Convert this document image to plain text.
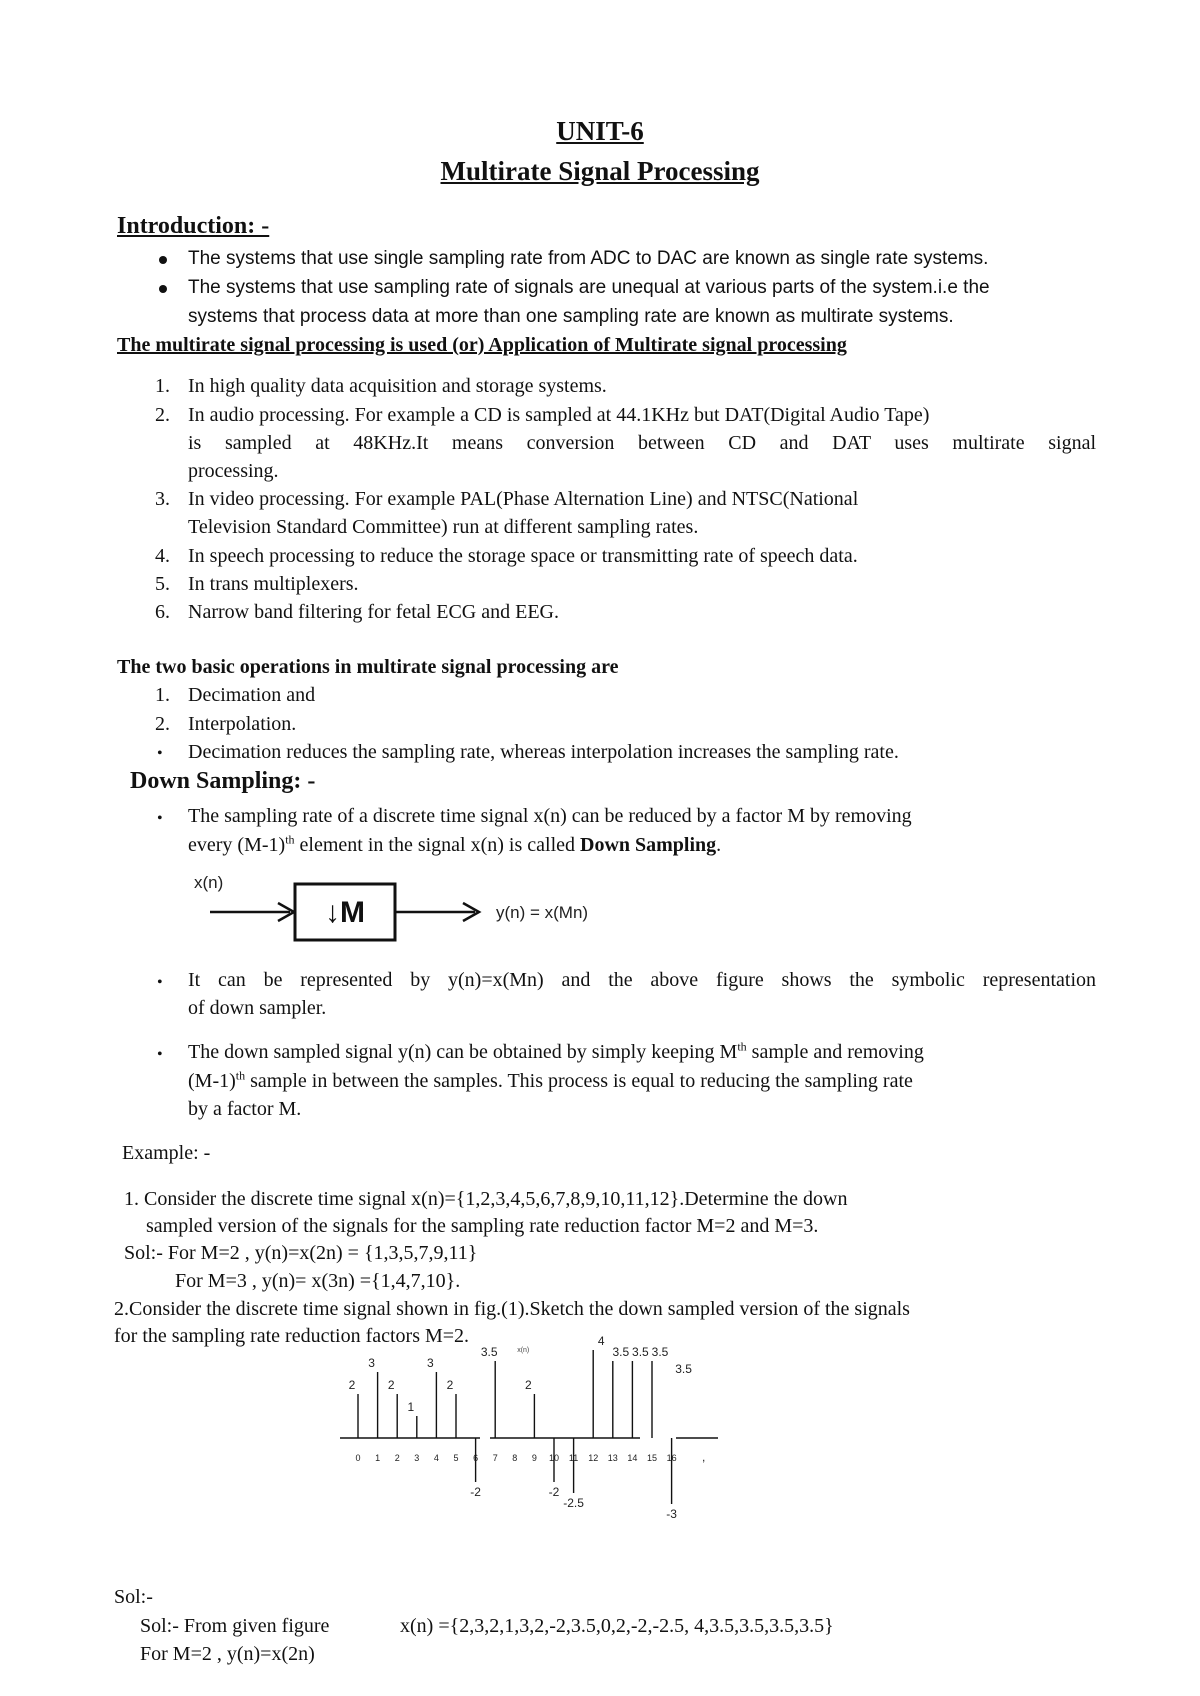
UNIT-6
Multirate Signal Processing
Introduction: -
The systems that use single sampling rate from ADC to DAC are known as single rate systems.
The systems that use sampling rate of signals are unequal at various parts of the system.i.e the
systems that process data at more than one sampling rate are known as multirate systems.
The multirate signal processing is used (or) Application of Multirate signal processing
1. In high quality data acquisition and storage systems.
2. In audio processing. For example a CD is sampled at 44.1KHz but DAT(Digital Audio Tape)
is sampled at 48KHz.It means conversion between CD and DAT uses multirate signal
processing.
3. In video processing. For example PAL(Phase Alternation Line) and NTSC(National
Television Standard Committee) run at different sampling rates.
4. In speech processing to reduce the storage space or transmitting rate of speech data.
5. In trans multiplexers.
6. Narrow band filtering for fetal ECG and EEG.
The two basic operations in multirate signal processing are
1. Decimation and
2. Interpolation.
• Decimation reduces the sampling rate, whereas interpolation increases the sampling rate.
Down Sampling: -
• The sampling rate of a discrete time signal x(n) can be reduced by a factor M by removing
every $(M-1)^{th}$ element in the signal x(n) is called Down Sampling.
x(n)
↓M	y(n) = x(Mn)
• It can be represented by y(n)=x(Mn) and the above figure shows the symbolic representation
of down sampler.
• The down sampled signal y(n) can be obtained by simply keeping Mth sample and removing
$(M-1)^{th}$ sample in between the samples. This process is equal to reducing the sampling rate
by a factor M.
Example: -
1. Consider the discrete time signal x(n)={1,2,3,4,5,6,7,8,9,10,11,12}.Determine the down
sampled version of the signals for the sampling rate reduction factor M=2 and M=3.
Sol:- For M=2 , y(n)=x(2n) = {1,3,5,7,9,11}
For M=3 , y(n)= x(3n) ={1,4,7,10}.
2.Consider the discrete time signal shown in fig.(1).Sketch the down sampled version of the signals
for the sampling rate reduction factors M=2.
,
0
2
1
3
2
2
3
1
4
3
5
2
6
-2
7
3.5
8 9
2
10
-2
11
-2.5
12
4
13
3.5
14
3.5
15
3.5
16
-3
x(n)
3.5
Sol:-
Sol:- From given figure	x(n) ={2,3,2,1,3,2,-2,3.5,0,2,-2,-2.5, 4,3.5,3.5,3.5,3.5}
For M=2 , y(n)=x(2n)
